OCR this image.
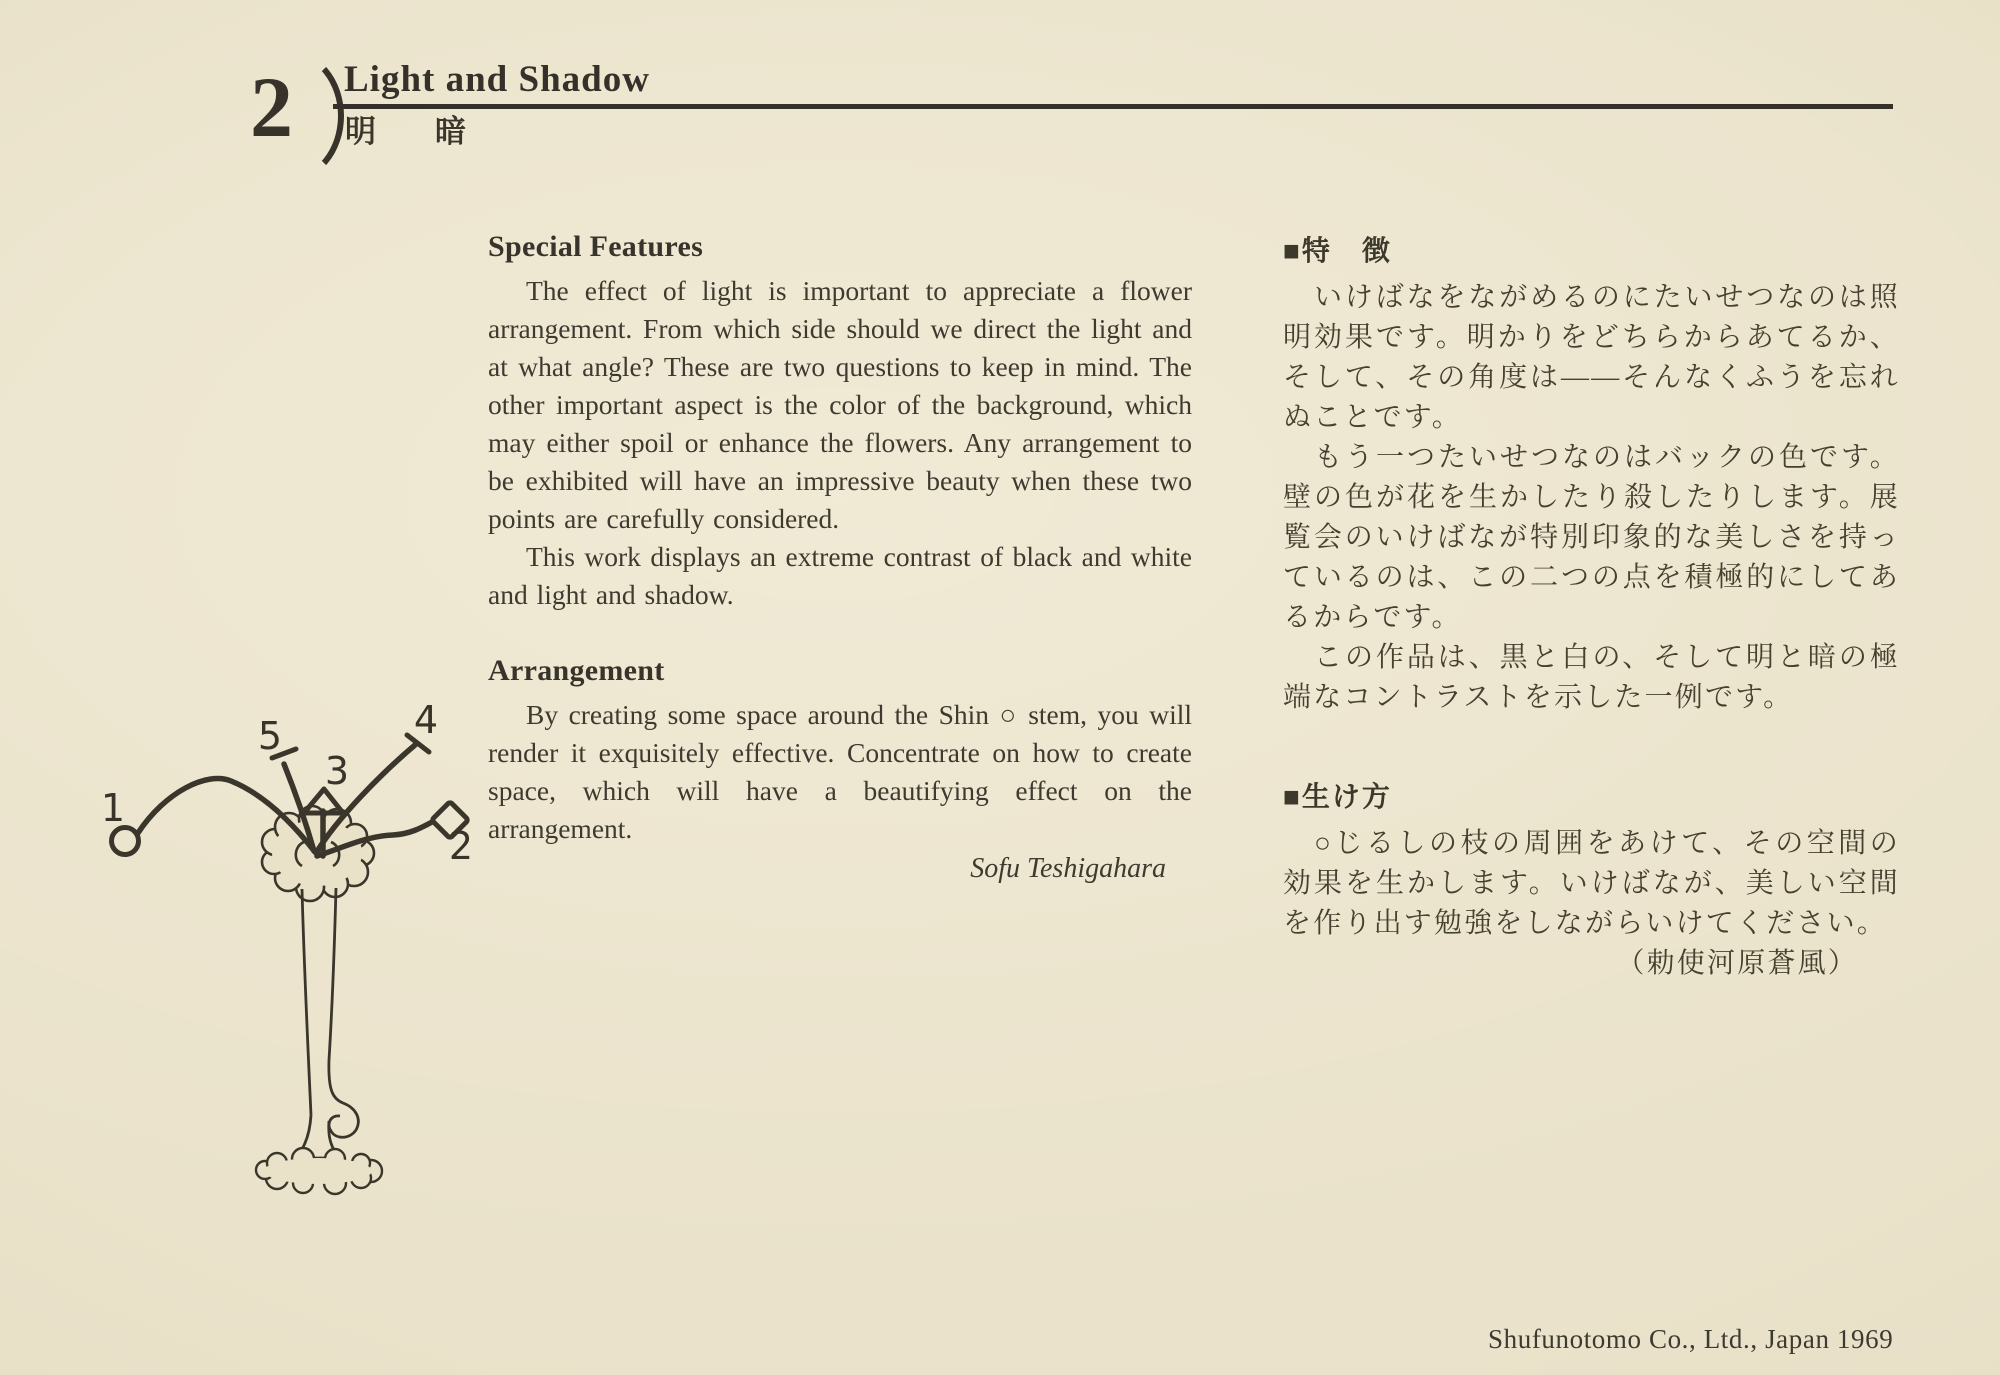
2 Light and Shadow
明　暗
1
2
3
4
5
Special Features

The effect of light is important to appreciate a flower arrangement. From which side should we direct the light and at what angle? These are two questions to keep in mind. The other important aspect is the color of the background, which may either spoil or enhance the flowers. Any arrangement to be exhibited will have an impressive beauty when these two points are carefully considered.

This work displays an extreme contrast of black and white and light and shadow.

Arrangement

By creating some space around the Shin ○ stem, you will render it exquisitely effective. Concentrate on how to create space, which will have a beautifying effect on the arrangement.

Sofu Teshigahara
■特　徴

いけばなをながめるのにたいせつなのは照明効果です。明かりをどちらからあてるか、そして、その角度は――そんなくふうを忘れぬことです。

もう一つたいせつなのはバックの色です。壁の色が花を生かしたり殺したりします。展覧会のいけばなが特別印象的な美しさを持っているのは、この二つの点を積極的にしてあるからです。

この作品は、黒と白の、そして明と暗の極端なコントラストを示した一例です。

■生け方

○じるしの枝の周囲をあけて、その空間の効果を生かします。いけばなが、美しい空間を作り出す勉強をしながらいけてください。

（勅使河原蒼風）

Shufunotomo Co., Ltd., Japan 1969
